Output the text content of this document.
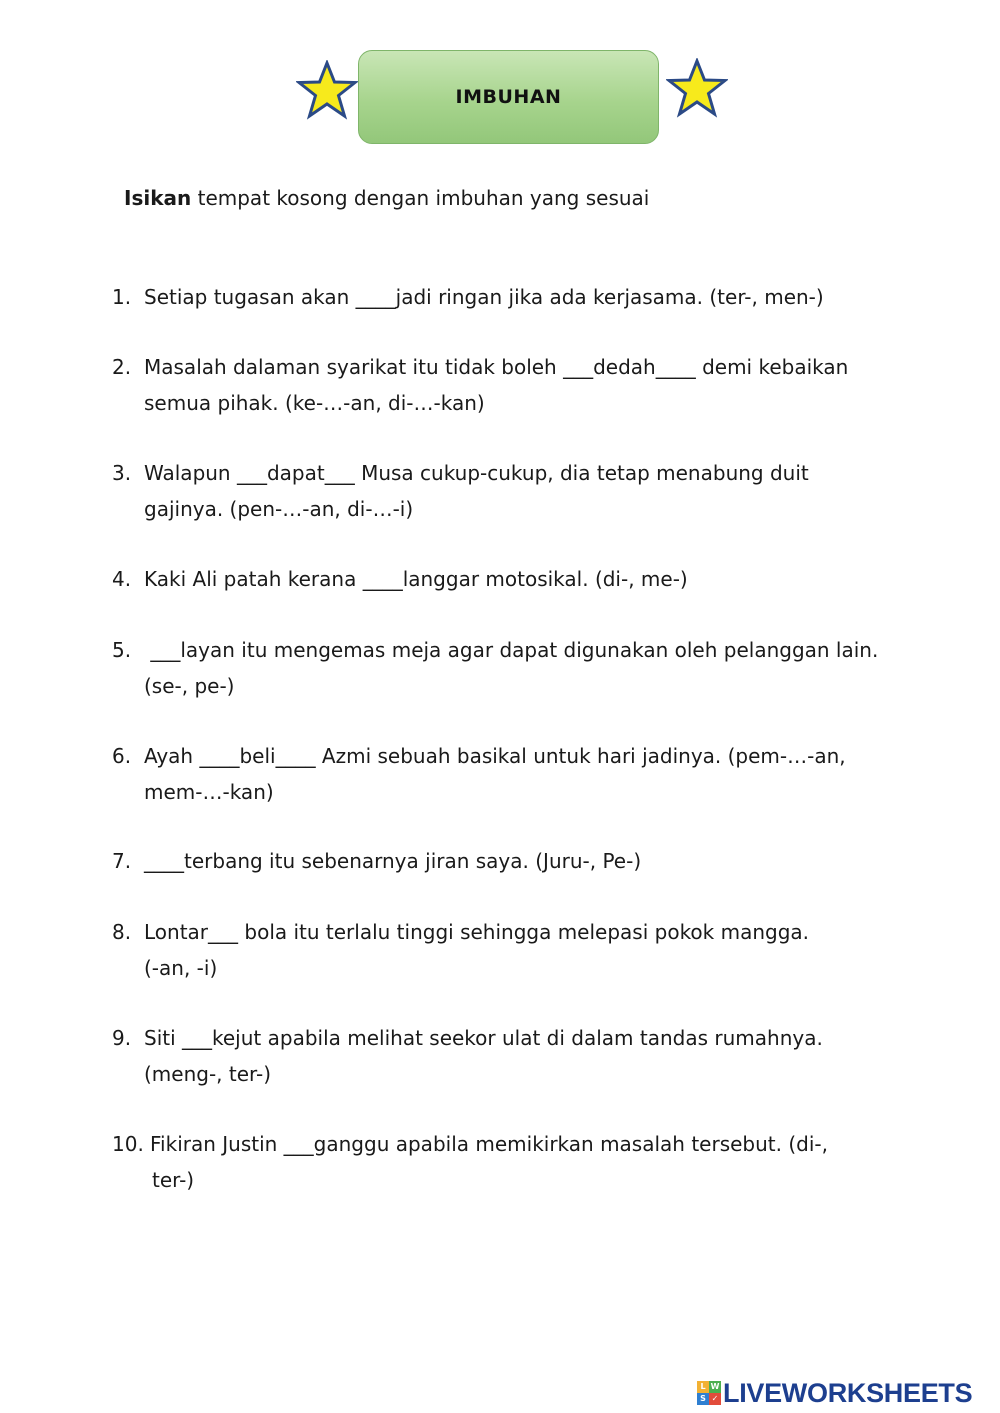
IMBUHAN
Isikan tempat kosong dengan imbuhan yang sesuai
1. Setiap tugasan akan ____jadi ringan jika ada kerjasama. (ter-, men-)
2. Masalah dalaman syarikat itu tidak boleh ___dedah____ demi kebaikan
semua pihak. (ke-…-an, di-…-kan)
3. Walapun ___dapat___ Musa cukup-cukup, dia tetap menabung duit
gajinya. (pen-…-an, di-…-i)
4. Kaki Ali patah kerana ____langgar motosikal. (di-, me-)
5. ___layan itu mengemas meja agar dapat digunakan oleh pelanggan lain.
(se-, pe-)
6. Ayah ____beli____ Azmi sebuah basikal untuk hari jadinya. (pem-…-an,
mem-…-kan)
7. ____terbang itu sebenarnya jiran saya. (Juru-, Pe-)
8. Lontar___ bola itu terlalu tinggi sehingga melepasi pokok mangga.
(-an, -i)
9. Siti ___kejut apabila melihat seekor ulat di dalam tandas rumahnya.
(meng-, ter-)
10. Fikiran Justin ___ganggu apabila memikirkan masalah tersebut. (di-,
ter-)
L W
S ✓ LIVEWORKSHEETS
